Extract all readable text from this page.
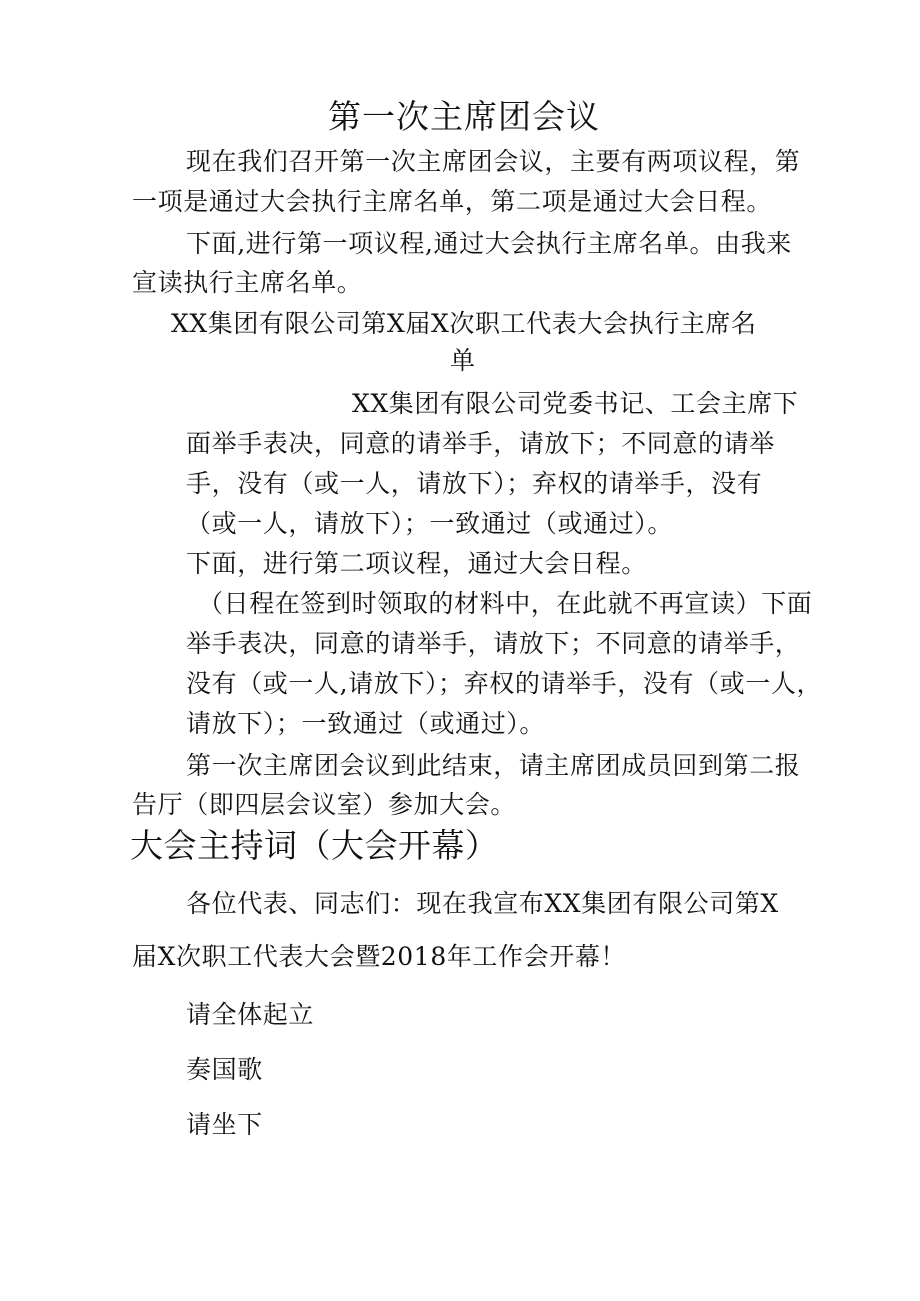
第一次主席团会议
现在我们召开第一次主席团会议，主要有两项议程，第
一项是通过大会执行主席名单，第二项是通过大会日程。
下面,进行第一项议程,通过大会执行主席名单。由我来
宣读执行主席名单。
XX集团有限公司第X届X次职工代表大会执行主席名
单
XX集团有限公司党委书记、工会主席下
面举手表决，同意的请举手，请放下；不同意的请举
手，没有（或一人，请放下）；弃权的请举手，没有
（或一人，请放下）；一致通过（或通过）。
下面，进行第二项议程，通过大会日程。
（日程在签到时领取的材料中，在此就不再宣读）下面
举手表决，同意的请举手，请放下；不同意的请举手，
没有（或一人,请放下）；弃权的请举手，没有（或一人，
请放下）；一致通过（或通过）。
第一次主席团会议到此结束，请主席团成员回到第二报
告厅（即四层会议室）参加大会。
大会主持词（大会开幕）
各位代表、同志们：现在我宣布XX集团有限公司第X
届X次职工代表大会暨2018年工作会开幕！
请全体起立
奏国歌
请坐下
